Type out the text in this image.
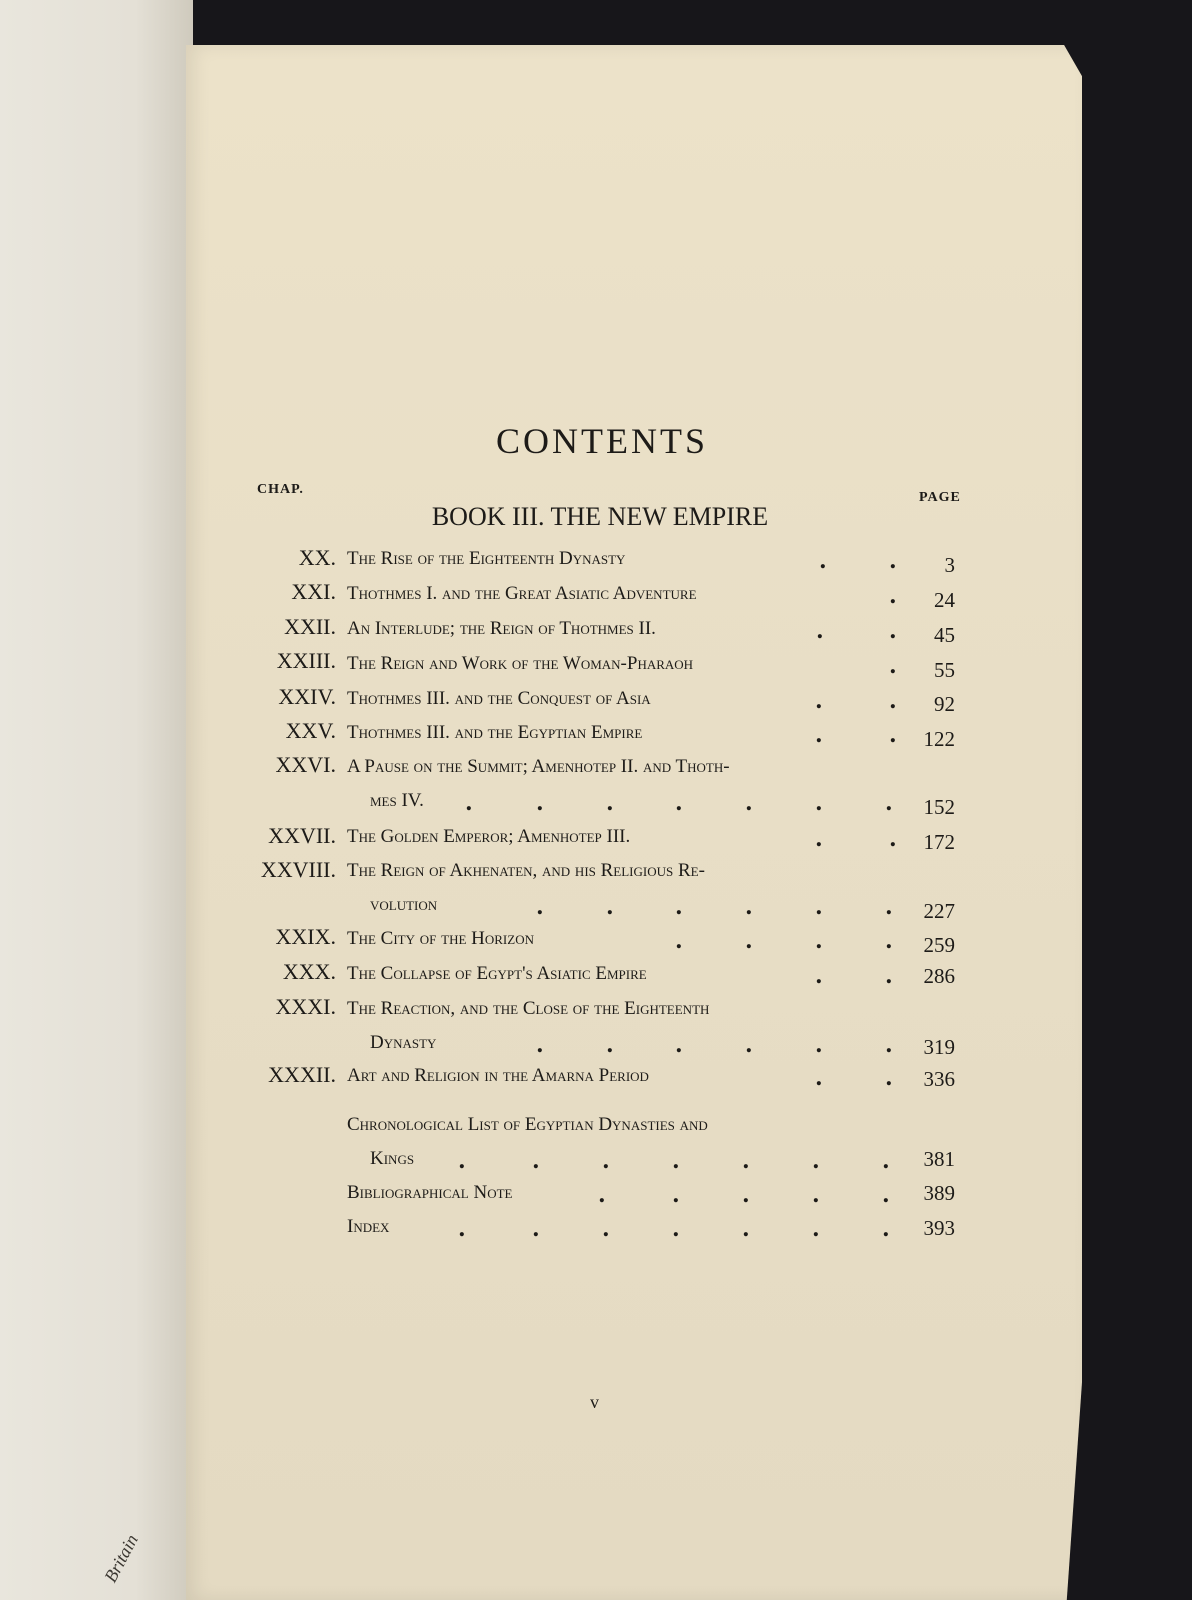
Britain
CONTENTS
CHAP.
PAGE
BOOK III. THE NEW EMPIRE
XX. The Rise of the Eighteenth Dynasty	3
XXI. Thothmes I. and the Great Asiatic Adventure	24
XXII. An Interlude; the Reign of Thothmes II.	45
XXIII. The Reign and Work of the Woman-Pharaoh	55
XXIV. Thothmes III. and the Conquest of Asia	92
XXV. Thothmes III. and the Egyptian Empire	122
XXVI. A Pause on the Summit; Amenhotep II. and Thoth-
mes IV.	152
XXVII. The Golden Emperor; Amenhotep III.	172
XXVIII. The Reign of Akhenaten, and his Religious Re-
volution	227
XXIX. The City of the Horizon	259
XXX. The Collapse of Egypt's Asiatic Empire	286
XXXI. The Reaction, and the Close of the Eighteenth
Dynasty	319
XXXII. Art and Religion in the Amarna Period	336
Chronological List of Egyptian Dynasties and
Kings	381
Bibliographical Note	389
Index	393
.	.
.
.	.
.
.	.
.	.
.	.	.	.	.	.	.
.	.
.	.	.	.	.	.
.	.	.	.
.	.
.	.	.	.	.	.
.	.
.	.	.	.	.	.	.
.	.	.	.	.
.	.	.	.	.	.	.
v
